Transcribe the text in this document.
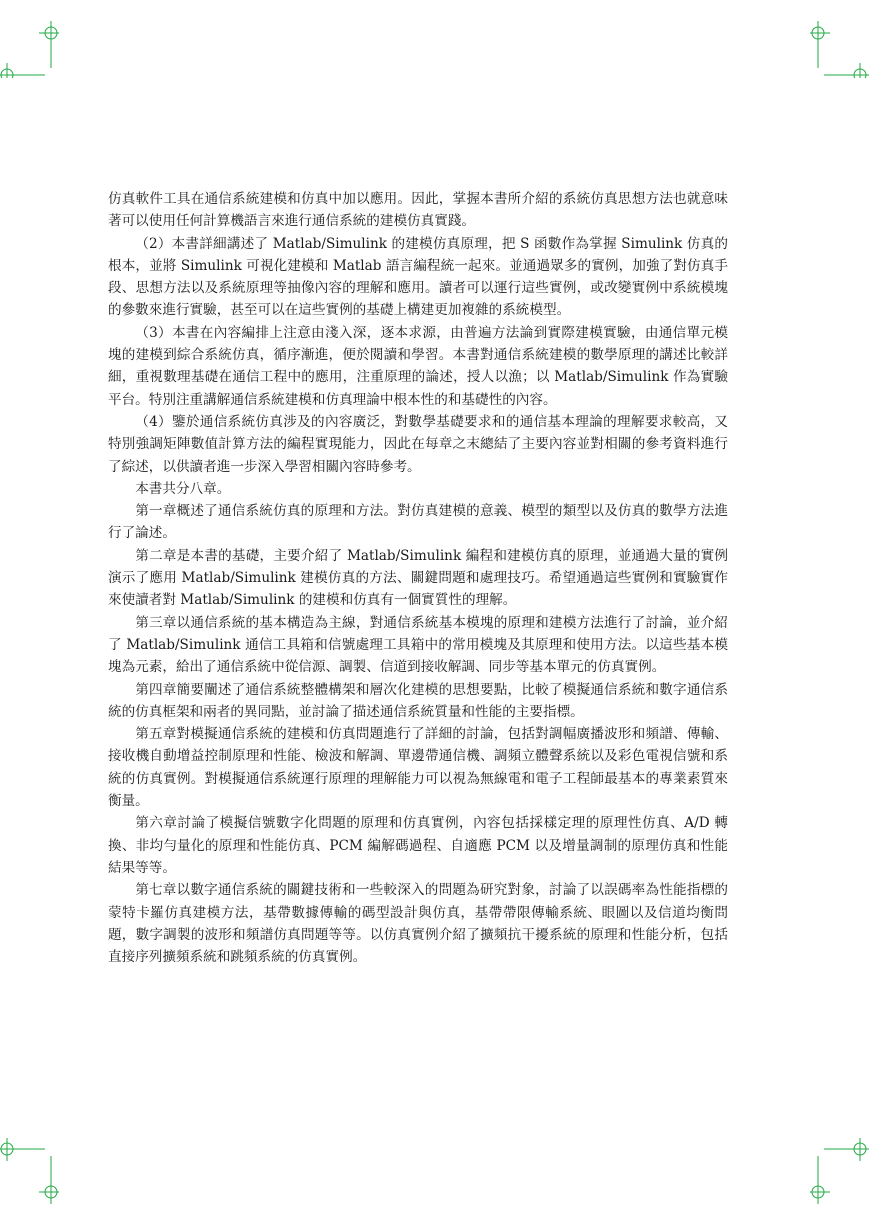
仿真軟件工具在通信系統建模和仿真中加以應用。因此，掌握本書所介紹的系統仿真思想方法也就意味著可以使用任何計算機語言來進行通信系統的建模仿真實踐。

（2）本書詳細講述了 Matlab/Simulink 的建模仿真原理，把 S 函數作為掌握 Simulink 仿真的根本，並將 Simulink 可視化建模和 Matlab 語言編程統一起來。並通過眾多的實例，加強了對仿真手段、思想方法以及系統原理等抽像內容的理解和應用。讀者可以運行這些實例，或改變實例中系統模塊的參數來進行實驗，甚至可以在這些實例的基礎上構建更加複雜的系統模型。

（3）本書在內容編排上注意由淺入深，逐本求源，由普遍方法論到實際建模實驗，由通信單元模塊的建模到綜合系統仿真，循序漸進，便於閱讀和學習。本書對通信系統建模的數學原理的講述比較詳細，重視數理基礎在通信工程中的應用，注重原理的論述，授人以漁；以 Matlab/Simulink 作為實驗平台。特別注重講解通信系統建模和仿真理論中根本性的和基礎性的內容。

（4）鑒於通信系統仿真涉及的內容廣泛，對數學基礎要求和的通信基本理論的理解要求較高，又特別強調矩陣數值計算方法的編程實現能力，因此在每章之末總結了主要內容並對相關的參考資料進行了綜述，以供讀者進一步深入學習相關內容時參考。

本書共分八章。

第一章概述了通信系統仿真的原理和方法。對仿真建模的意義、模型的類型以及仿真的數學方法進行了論述。

第二章是本書的基礎，主要介紹了 Matlab/Simulink 編程和建模仿真的原理，並通過大量的實例演示了應用 Matlab/Simulink 建模仿真的方法、關鍵問題和處理技巧。希望通過這些實例和實驗實作來使讀者對 Matlab/Simulink 的建模和仿真有一個實質性的理解。

第三章以通信系統的基本構造為主線，對通信系統基本模塊的原理和建模方法進行了討論，並介紹了 Matlab/Simulink 通信工具箱和信號處理工具箱中的常用模塊及其原理和使用方法。以這些基本模塊為元素，給出了通信系統中從信源、調製、信道到接收解調、同步等基本單元的仿真實例。

第四章簡要闡述了通信系統整體構架和層次化建模的思想要點，比較了模擬通信系統和數字通信系統的仿真框架和兩者的異同點，並討論了描述通信系統質量和性能的主要指標。

第五章對模擬通信系統的建模和仿真問題進行了詳細的討論，包括對調幅廣播波形和頻譜、傳輸、接收機自動增益控制原理和性能、檢波和解調、單邊帶通信機、調頻立體聲系統以及彩色電視信號和系統的仿真實例。對模擬通信系統運行原理的理解能力可以視為無線電和電子工程師最基本的專業素質來衡量。

第六章討論了模擬信號數字化問題的原理和仿真實例，內容包括採樣定理的原理性仿真、A/D 轉換、非均勻量化的原理和性能仿真、PCM 編解碼過程、自適應 PCM 以及增量調制的原理仿真和性能結果等等。

第七章以數字通信系統的關鍵技術和一些較深入的問題為研究對象，討論了以誤碼率為性能指標的蒙特卡羅仿真建模方法，基帶數據傳輸的碼型設計與仿真，基帶帶限傳輸系統、眼圖以及信道均衡問題，數字調製的波形和頻譜仿真問題等等。以仿真實例介紹了擴頻抗干擾系統的原理和性能分析，包括直接序列擴頻系統和跳頻系統的仿真實例。
